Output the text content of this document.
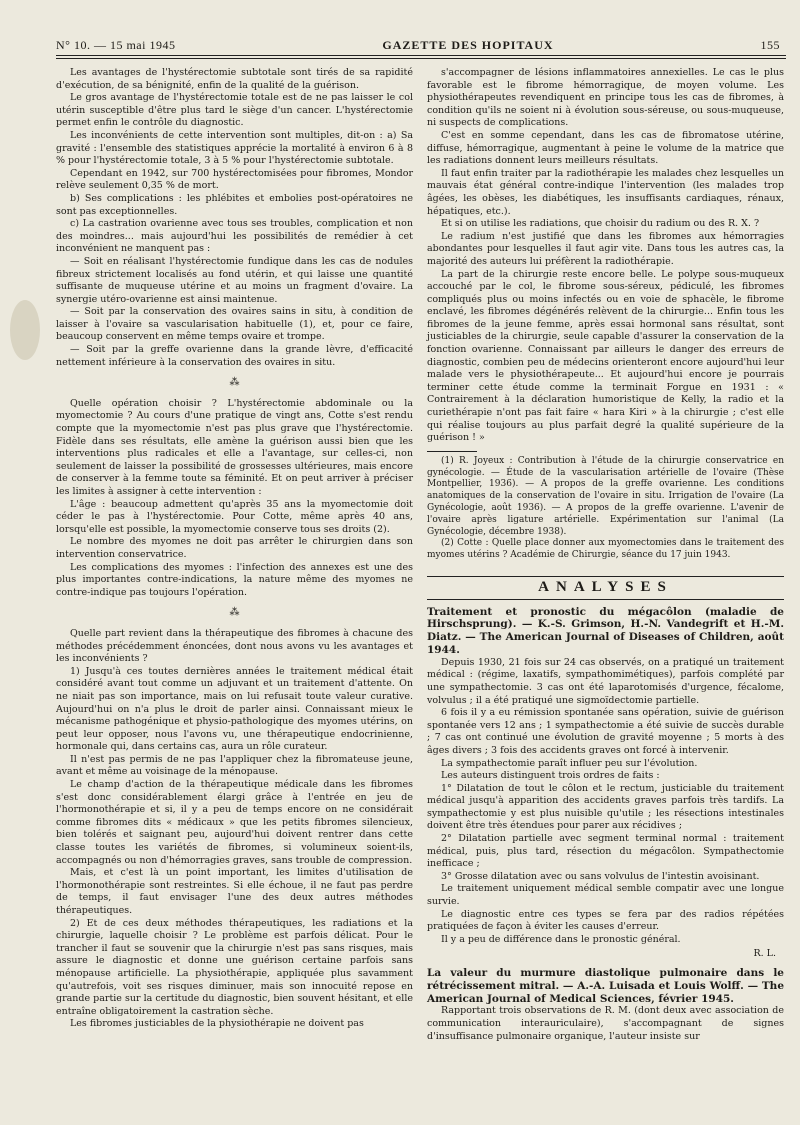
N° 10. — 15 mai 1945	GAZETTE DES HOPITAUX	155

Les avantages de l'hystérectomie subtotale sont tirés de sa rapidité d'exécution, de sa bénignité, enfin de la qualité de la guérison.

Le gros avantage de l'hystérectomie totale est de ne pas laisser le col utérin susceptible d'être plus tard le siège d'un cancer. L'hystérectomie permet enfin le contrôle du diagnostic.

Les inconvénients de cette intervention sont multiples, dit-on : a) Sa gravité : l'ensemble des statistiques apprécie la mortalité à environ 6 à 8 % pour l'hystérectomie totale, 3 à 5 % pour l'hystérectomie subtotale.

Cependant en 1942, sur 700 hystérectomisées pour fibromes, Mondor relève seulement 0,35 % de mort.

b) Ses complications : les phlébites et embolies post-opératoires ne sont pas exceptionnelles.

c) La castration ovarienne avec tous ses troubles, complication et non des moindres... mais aujourd'hui les possibilités de remédier à cet inconvénient ne manquent pas :

— Soit en réalisant l'hystérectomie fundique dans les cas de nodules fibreux strictement localisés au fond utérin, et qui laisse une quantité suffisante de muqueuse utérine et au moins un fragment d'ovaire. La synergie utéro-ovarienne est ainsi maintenue.

— Soit par la conservation des ovaires sains in situ, à condition de laisser à l'ovaire sa vascularisation habituelle (1), et, pour ce faire, beaucoup conservent en même temps ovaire et trompe.

— Soit par la greffe ovarienne dans la grande lèvre, d'efficacité nettement inférieure à la conservation des ovaires in situ.

⁂

Quelle opération choisir ? L'hystérectomie abdominale ou la myomectomie ? Au cours d'une pratique de vingt ans, Cotte s'est rendu compte que la myomectomie n'est pas plus grave que l'hystérectomie. Fidèle dans ses résultats, elle amène la guérison aussi bien que les interventions plus radicales et elle a l'avantage, sur celles-ci, non seulement de laisser la possibilité de grossesses ultérieures, mais encore de conserver à la femme toute sa féminité. Et on peut arriver à préciser les limites à assigner à cette intervention :

L'âge : beaucoup admettent qu'après 35 ans la myomectomie doit céder le pas à l'hystérectomie. Pour Cotte, même après 40 ans, lorsqu'elle est possible, la myomectomie conserve tous ses droits (2).

Le nombre des myomes ne doit pas arrêter le chirurgien dans son intervention conservatrice.

Les complications des myomes : l'infection des annexes est une des plus importantes contre-indications, la nature même des myomes ne contre-indique pas toujours l'opération.

⁂

Quelle part revient dans la thérapeutique des fibromes à chacune des méthodes précédemment énoncées, dont nous avons vu les avantages et les inconvénients ?

1) Jusqu'à ces toutes dernières années le traitement médical était considéré avant tout comme un adjuvant et un traitement d'attente. On ne niait pas son importance, mais on lui refusait toute valeur curative. Aujourd'hui on n'a plus le droit de parler ainsi. Connaissant mieux le mécanisme pathogénique et physio-pathologique des myomes utérins, on peut leur opposer, nous l'avons vu, une thérapeutique endocrinienne, hormonale qui, dans certains cas, aura un rôle curateur.

Il n'est pas permis de ne pas l'appliquer chez la fibromateuse jeune, avant et même au voisinage de la ménopause.

Le champ d'action de la thérapeutique médicale dans les fibromes s'est donc considérablement élargi grâce à l'entrée en jeu de l'hormonothérapie et si, il y a peu de temps encore on ne considérait comme fibromes dits « médicaux » que les petits fibromes silencieux, bien tolérés et saignant peu, aujourd'hui doivent rentrer dans cette classe toutes les variétés de fibromes, si volumineux soient-ils, accompagnés ou non d'hémorragies graves, sans trouble de compression.

Mais, et c'est là un point important, les limites d'utilisation de l'hormonothérapie sont restreintes. Si elle échoue, il ne faut pas perdre de temps, il faut envisager l'une des deux autres méthodes thérapeutiques.

2) Et de ces deux méthodes thérapeutiques, les radiations et la chirurgie, laquelle choisir ? Le problème est parfois délicat. Pour le trancher il faut se souvenir que la chirurgie n'est pas sans risques, mais assure le diagnostic et donne une guérison certaine parfois sans ménopause artificielle. La physiothérapie, appliquée plus savamment qu'autrefois, voit ses risques diminuer, mais son innocuité repose en grande partie sur la certitude du diagnostic, bien souvent hésitant, et elle entraîne obligatoirement la castration sèche.

Les fibromes justiciables de la physiothérapie ne doivent pas

s'accompagner de lésions inflammatoires annexielles. Le cas le plus favorable est le fibrome hémorragique, de moyen volume. Les physiothérapeutes revendiquent en principe tous les cas de fibromes, à condition qu'ils ne soient ni à évolution sous-séreuse, ou sous-muqueuse, ni suspects de complications.

C'est en somme cependant, dans les cas de fibromatose utérine, diffuse, hémorragique, augmentant à peine le volume de la matrice que les radiations donnent leurs meilleurs résultats.

Il faut enfin traiter par la radiothérapie les malades chez lesquelles un mauvais état général contre-indique l'intervention (les malades trop âgées, les obèses, les diabétiques, les insuffisants cardiaques, rénaux, hépatiques, etc.).

Et si on utilise les radiations, que choisir du radium ou des R. X. ?

Le radium n'est justifié que dans les fibromes aux hémorragies abondantes pour lesquelles il faut agir vite. Dans tous les autres cas, la majorité des auteurs lui préfèrent la radiothérapie.

La part de la chirurgie reste encore belle. Le polype sous-muqueux accouché par le col, le fibrome sous-séreux, pédiculé, les fibromes compliqués plus ou moins infectés ou en voie de sphacèle, le fibrome enclavé, les fibromes dégénérés relèvent de la chirurgie... Enfin tous les fibromes de la jeune femme, après essai hormonal sans résultat, sont justiciables de la chirurgie, seule capable d'assurer la conservation de la fonction ovarienne. Connaissant par ailleurs le danger des erreurs de diagnostic, combien peu de médecins orienteront encore aujourd'hui leur malade vers le physiothérapeute... Et aujourd'hui encore je pourrais terminer cette étude comme la terminait Forgue en 1931 : « Contrairement à la déclaration humoristique de Kelly, la radio et la curiethérapie n'ont pas fait faire « hara Kiri » à la chirurgie ; c'est elle qui réalise toujours au plus parfait degré la qualité supérieure de la guérison ! »

(1) R. Joyeux : Contribution à l'étude de la chirurgie conservatrice en gynécologie. — Étude de la vascularisation artérielle de l'ovaire (Thèse Montpellier, 1936). — A propos de la greffe ovarienne. Les conditions anatomiques de la conservation de l'ovaire in situ. Irrigation de l'ovaire (La Gynécologie, août 1936). — A propos de la greffe ovarienne. L'avenir de l'ovaire après ligature artérielle. Expérimentation sur l'animal (La Gynécologie, décembre 1938).

(2) Cotte : Quelle place donner aux myomectomies dans le traitement des myomes utérins ? Académie de Chirurgie, séance du 17 juin 1943.

ANALYSES

Traitement et pronostic du mégacôlon (maladie de Hirschsprung). — K.-S. Grimson, H.-N. Vandegrift et H.-M. Diatz. — The American Journal of Diseases of Children, août 1944.

Depuis 1930, 21 fois sur 24 cas observés, on a pratiqué un traitement médical : (régime, laxatifs, sympathomimétiques), parfois complété par une sympathectomie. 3 cas ont été laparotomisés d'urgence, fécalome, volvulus ; il a été pratiqué une sigmoïdectomie partielle.

6 fois il y a eu rémission spontanée sans opération, suivie de guérison spontanée vers 12 ans ; 1 sympathectomie a été suivie de succès durable ; 7 cas ont continué une évolution de gravité moyenne ; 5 morts à des âges divers ; 3 fois des accidents graves ont forcé à intervenir.

La sympathectomie paraît influer peu sur l'évolution.

Les auteurs distinguent trois ordres de faits :

1° Dilatation de tout le côlon et le rectum, justiciable du traitement médical jusqu'à apparition des accidents graves parfois très tardifs. La sympathectomie y est plus nuisible qu'utile ; les résections intestinales doivent être très étendues pour parer aux récidives ;

2° Dilatation partielle avec segment terminal normal : traitement médical, puis, plus tard, résection du mégacôlon. Sympathectomie inefficace ;

3° Grosse dilatation avec ou sans volvulus de l'intestin avoisinant.

Le traitement uniquement médical semble compatir avec une longue survie.

Le diagnostic entre ces types se fera par des radios répétées pratiquées de façon à éviter les causes d'erreur.

Il y a peu de différence dans le pronostic général.

R. L.

La valeur du murmure diastolique pulmonaire dans le rétrécissement mitral. — A.-A. Luisada et Louis Wolff. — The American Journal of Medical Sciences, février 1945.

Rapportant trois observations de R. M. (dont deux avec association de communication interauriculaire), s'accompagnant de signes d'insuffisance pulmonaire organique, l'auteur insiste sur
